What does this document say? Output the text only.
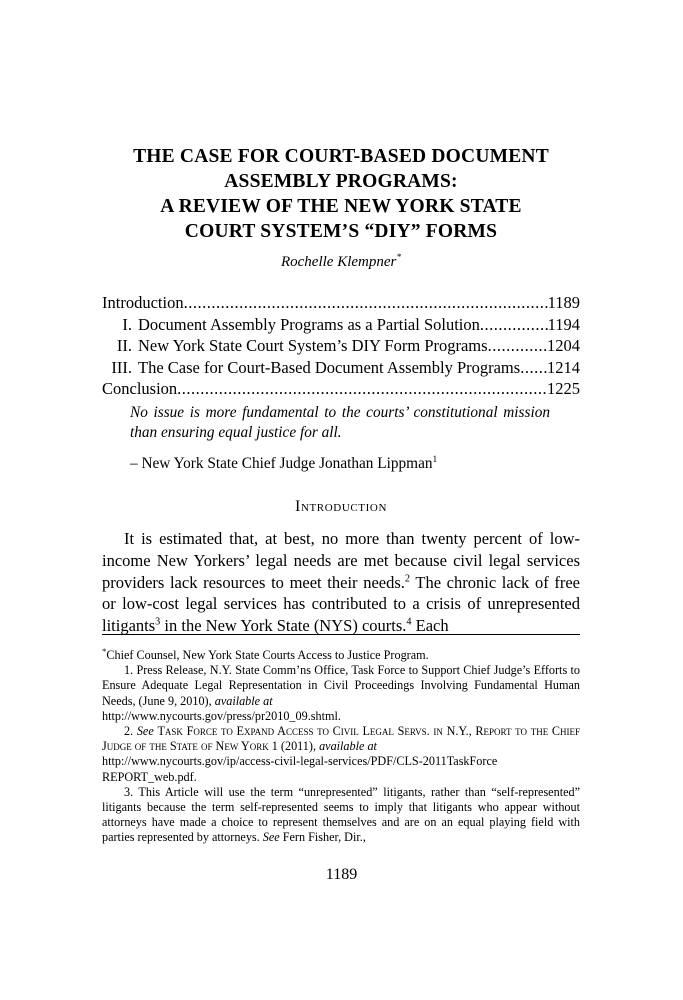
THE CASE FOR COURT-BASED DOCUMENT
ASSEMBLY PROGRAMS:
A REVIEW OF THE NEW YORK STATE
COURT SYSTEM’S “DIY” FORMS
Rochelle Klempner*
Introduction .....	1189
I. Document Assembly Programs as a Partial Solution .....	1194
II. New York State Court System’s DIY Form Programs .....	1204
III. The Case for Court-Based Document Assembly Programs ..... 1214
Conclusion .....	1225

No issue is more fundamental to the courts’ constitutional mission than ensuring equal justice for all.

– New York State Chief Judge Jonathan Lippman$^1$

Introduction

It is estimated that, at best, no more than twenty percent of low-income New Yorkers’ legal needs are met because civil legal services providers lack resources to meet their needs.$^2$ The chronic lack of free or low-cost legal services has contributed to a crisis of unrepresented litigants$^3$ in the New York State (NYS) courts.$^4$ Each

*Chief Counsel, New York State Courts Access to Justice Program.

1. Press Release, N.Y. State Comm’ns Office, Task Force to Support Chief Judge’s Efforts to Ensure Adequate Legal Representation in Civil Proceedings Involving Fundamental Human Needs, (June 9, 2010), available at
http://www.nycourts.gov/press/pr2010_09.shtml.

2. See Task Force to Expand Access to Civil Legal Servs. in N.Y., Report to the Chief Judge of the State of New York 1 (2011), available at
http://www.nycourts.gov/ip/access-civil-legal-services/PDF/CLS-2011TaskForce REPORT_web.pdf.

3. This Article will use the term “unrepresented” litigants, rather than “self-represented” litigants because the term self-represented seems to imply that litigants who appear without attorneys have made a choice to represent themselves and are on an equal playing field with parties represented by attorneys. See Fern Fisher, Dir.,

1189
